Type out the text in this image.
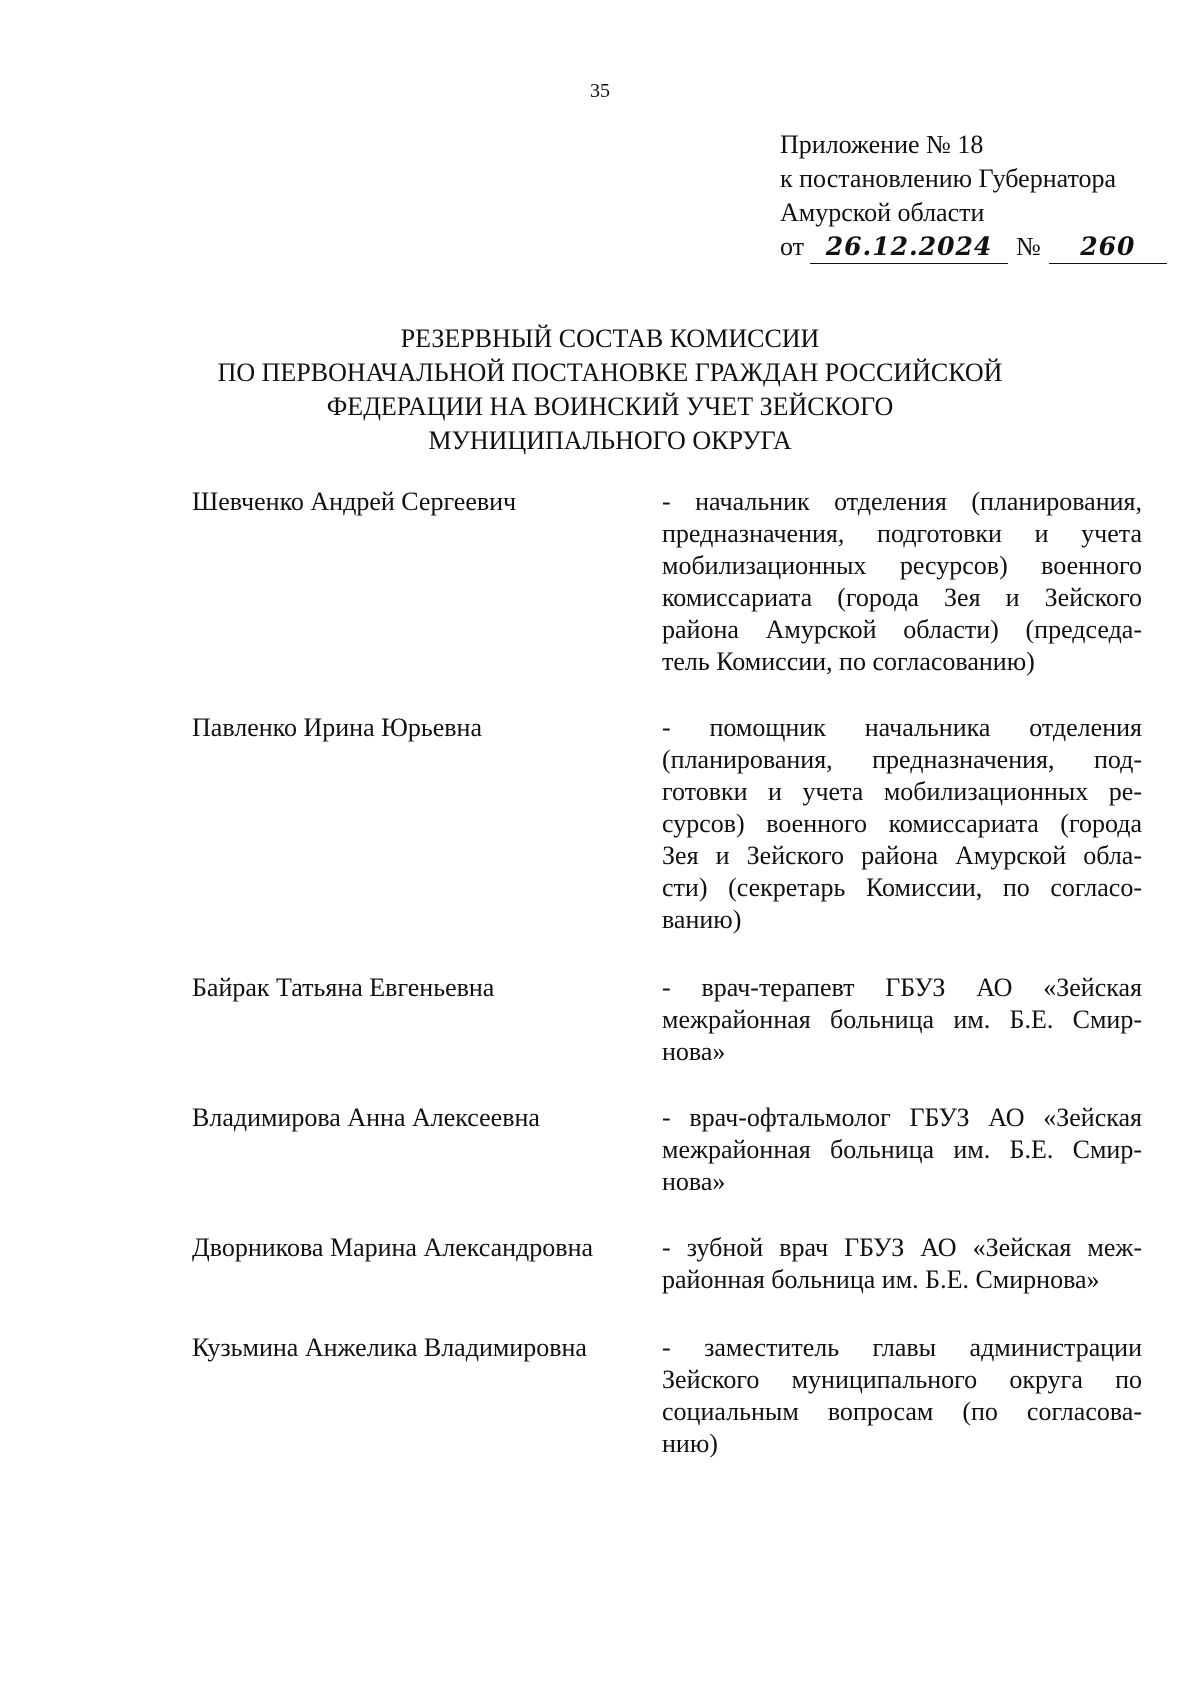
35
Приложение № 18
к постановлению Губернатора
Амурской области
от 26.12.2024 №	260
РЕЗЕРВНЫЙ СОСТАВ КОМИССИИ
ПО ПЕРВОНАЧАЛЬНОЙ ПОСТАНОВКЕ ГРАЖДАН РОССИЙСКОЙ
ФЕДЕРАЦИИ НА ВОИНСКИЙ УЧЕТ ЗЕЙСКОГО
МУНИЦИПАЛЬНОГО ОКРУГА
Шевченко Андрей Сергеевич	- начальник отделения (планирования,
предназначения, подготовки и учета
мобилизационных ресурсов) военного
комиссариата (города Зея и Зейского
района Амурской области) (председа-
тель Комиссии, по согласованию)
Павленко Ирина Юрьевна	- помощник начальника отделения
(планирования, предназначения, под-
готовки и учета мобилизационных ре-
сурсов) военного комиссариата (города
Зея и Зейского района Амурской обла-
сти) (секретарь Комиссии, по согласо-
ванию)
Байрак Татьяна Евгеньевна	- врач-терапевт ГБУЗ АО «Зейская
межрайонная больница им. Б.Е. Смир-
нова»
Владимирова Анна Алексеевна	- врач-офтальмолог ГБУЗ АО «Зейская
межрайонная больница им. Б.Е. Смир-
нова»
Дворникова Марина Александровна	- зубной врач ГБУЗ АО «Зейская меж-
районная больница им. Б.Е. Смирнова»
Кузьмина Анжелика Владимировна	- заместитель главы администрации
Зейского муниципального округа по
социальным вопросам (по согласова-
нию)
